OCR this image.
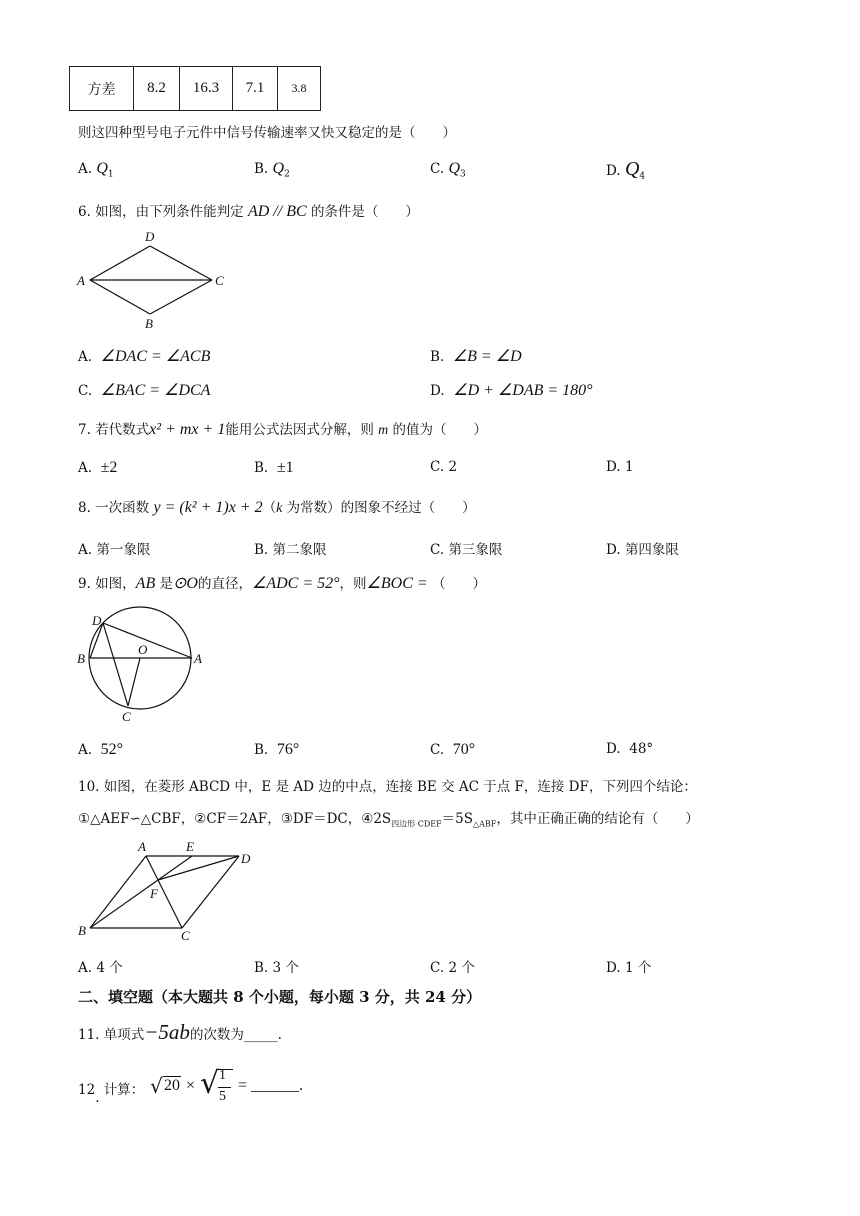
方差	8.2	16.3	7.1	3.8
则这四种型号电子元件中信号传输速率又快又稳定的是（　　）
A. $Q_1$	B. $Q_2$	C. $Q_3$	D. $Q_4$
6. 如图，由下列条件能判定 AD // BC 的条件是（　　）
D
A	C
B
A. ∠DAC = ∠ACB	B. ∠B = ∠D
C. ∠BAC = ∠DCA	D. ∠D + ∠DAB = 180°
7. 若代数式x² + mx + 1能用公式法因式分解，则 m 的值为（　　）
A. ±2	B. ±1	C. 2	D. 1
8. 一次函数 y = (k² + 1)x + 2（k 为常数）的图象不经过（　　）
A. 第一象限	B. 第二象限	C. 第三象限	D. 第四象限
9. 如图，AB 是⊙O的直径，∠ADC = 52°，则∠BOC = （　　）
D
B
O
A
C
A. 52°	B. 76°	C. 70°	D. 48°
10. 如图，在菱形 ABCD 中，E 是 AD 边的中点，连接 BE 交 AC 于点 F，连接 DF，下列四个结论：
①△AEF∽△CBF，②CF＝2AF，③DF＝DC，$④2S_{四边形 CDEF}=5S_{\triangle ABF}$，其中正确正确的结论有（　　）
A	E
D
F
B	C
A. 4 个	B. 3 个	C. 2 个	D. 1 个
二、填空题（本大题共 8 个小题，每小题 3 分，共 24 分）
11. 单项式−5ab的次数为_____.
12. 计算： √ 20 × √ 1
5
= ______.
